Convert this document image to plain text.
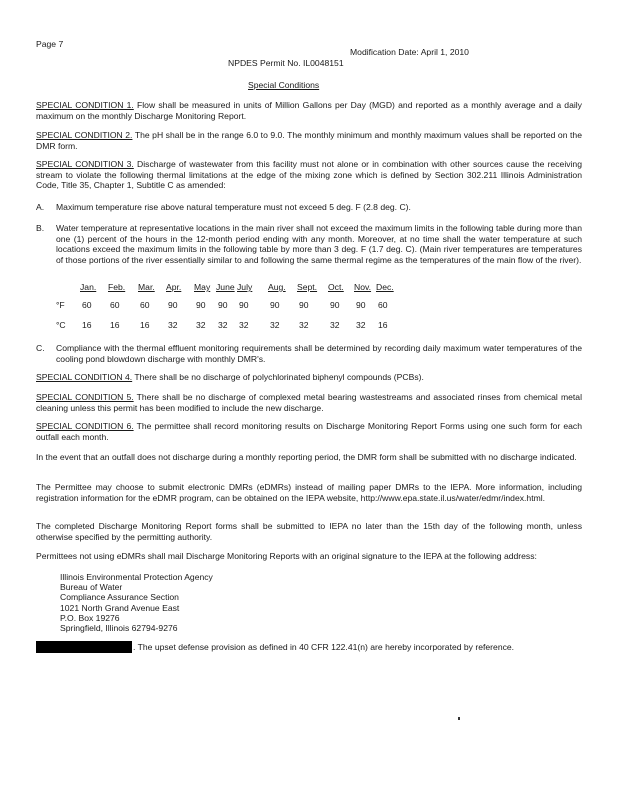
Page 7
Modification Date: April 1, 2010
NPDES Permit No. IL0048151
Special Conditions
SPECIAL CONDITION 1. Flow shall be measured in units of Million Gallons per Day (MGD) and reported as a monthly average and a daily maximum on the monthly Discharge Monitoring Report.
SPECIAL CONDITION 2. The pH shall be in the range 6.0 to 9.0. The monthly minimum and monthly maximum values shall be reported on the DMR form.
SPECIAL CONDITION 3. Discharge of wastewater from this facility must not alone or in combination with other sources cause the receiving stream to violate the following thermal limitations at the edge of the mixing zone which is defined by Section 302.211 Illinois Administration Code, Title 35, Chapter 1, Subtitle C as amended:
A. Maximum temperature rise above natural temperature must not exceed 5 deg. F (2.8 deg. C).
B. Water temperature at representative locations in the main river shall not exceed the maximum limits in the following table during more than one (1) percent of the hours in the 12-month period ending with any month. Moreover, at no time shall the water temperature at such locations exceed the maximum limits in the following table by more than 3 deg. F (1.7 deg. C). (Main river temperatures are temperatures of those portions of the river essentially similar to and following the same thermal regime as the temperatures of the main flow of the river).
Jan. Feb. Mar. Apr. May June July Aug. Sept. Oct. Nov. Dec.
°F 60 60 60 90 90 90 90 90 90 90 90 60
°C 16 16 16 32 32 32 32 32 32 32 32 16
C. Compliance with the thermal effluent monitoring requirements shall be determined by recording daily maximum water temperatures of the cooling pond blowdown discharge with monthly DMR's.
SPECIAL CONDITION 4. There shall be no discharge of polychlorinated biphenyl compounds (PCBs).
SPECIAL CONDITION 5. There shall be no discharge of complexed metal bearing wastestreams and associated rinses from chemical metal cleaning unless this permit has been modified to include the new discharge.
SPECIAL CONDITION 6. The permittee shall record monitoring results on Discharge Monitoring Report Forms using one such form for each outfall each month.
In the event that an outfall does not discharge during a monthly reporting period, the DMR form shall be submitted with no discharge indicated.
The Permittee may choose to submit electronic DMRs (eDMRs) instead of mailing paper DMRs to the IEPA. More information, including registration information for the eDMR program, can be obtained on the IEPA website, http://www.epa.state.il.us/water/edmr/index.html.
The completed Discharge Monitoring Report forms shall be submitted to IEPA no later than the 15th day of the following month, unless otherwise specified by the permitting authority.
Permittees not using eDMRs shall mail Discharge Monitoring Reports with an original signature to the IEPA at the following address:
Illinois Environmental Protection Agency
Bureau of Water
Compliance Assurance Section
1021 North Grand Avenue East
P.O. Box 19276
Springfield, Illinois 62794-9276
. The upset defense provision as defined in 40 CFR 122.41(n) are hereby incorporated by reference.
